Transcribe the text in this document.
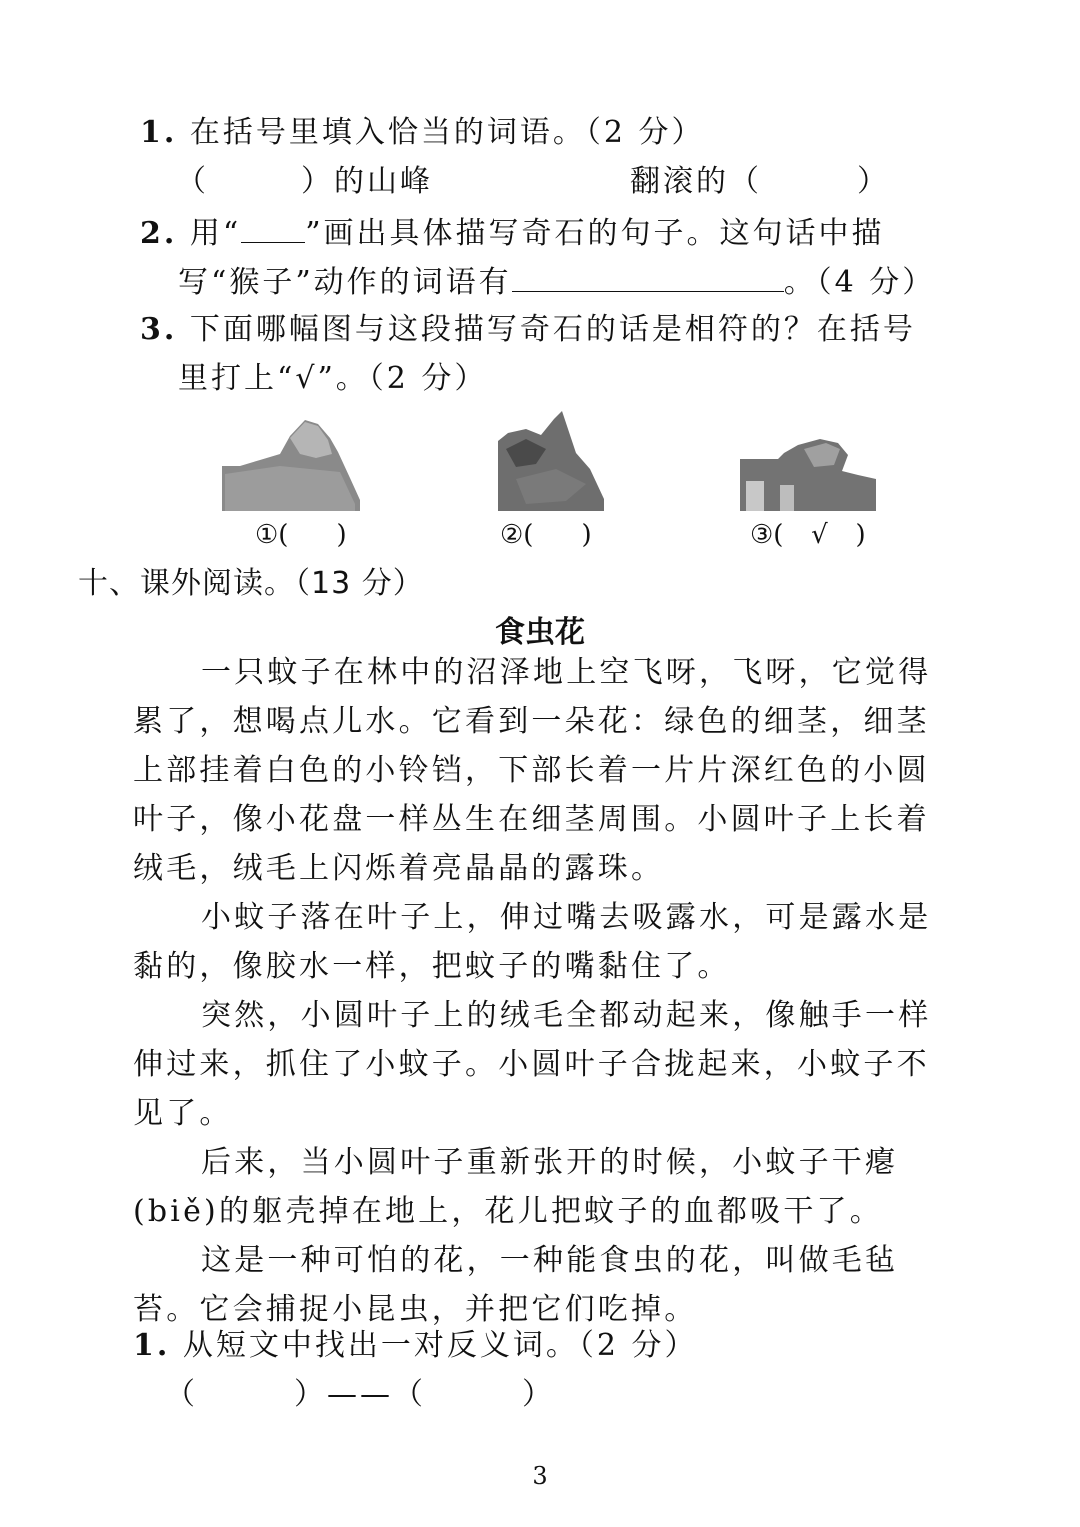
1. 在括号里填入恰当的词语。（2 分）
（	）的山峰	翻滚的（	）
2. 用“ ”画出具体描写奇石的句子。这句话中描
写“猴子”动作的词语有	。（4 分）
3. 下面哪幅图与这段描写奇石的话是相符的？在括号
里打上“√”。（2 分）
①( )	②( )	③( √ )
十、课外阅读。（13 分）
食虫花

一只蚊子在林中的沼泽地上空飞呀，飞呀，它觉得累了，想喝点儿水。它看到一朵花：绿色的细茎，细茎上部挂着白色的小铃铛，下部长着一片片深红色的小圆叶子，像小花盘一样丛生在细茎周围。小圆叶子上长着绒毛，绒毛上闪烁着亮晶晶的露珠。

小蚊子落在叶子上，伸过嘴去吸露水，可是露水是黏的，像胶水一样，把蚊子的嘴黏住了。

突然，小圆叶子上的绒毛全都动起来，像触手一样伸过来，抓住了小蚊子。小圆叶子合拢起来，小蚊子不见了。

后来，当小圆叶子重新张开的时候，小蚊子干瘪(biě)的躯壳掉在地上，花儿把蚊子的血都吸干了。

这是一种可怕的花，一种能食虫的花，叫做毛毡苔。它会捕捉小昆虫，并把它们吃掉。

1. 从短文中找出一对反义词。（2 分）
（	）——（	）
3
